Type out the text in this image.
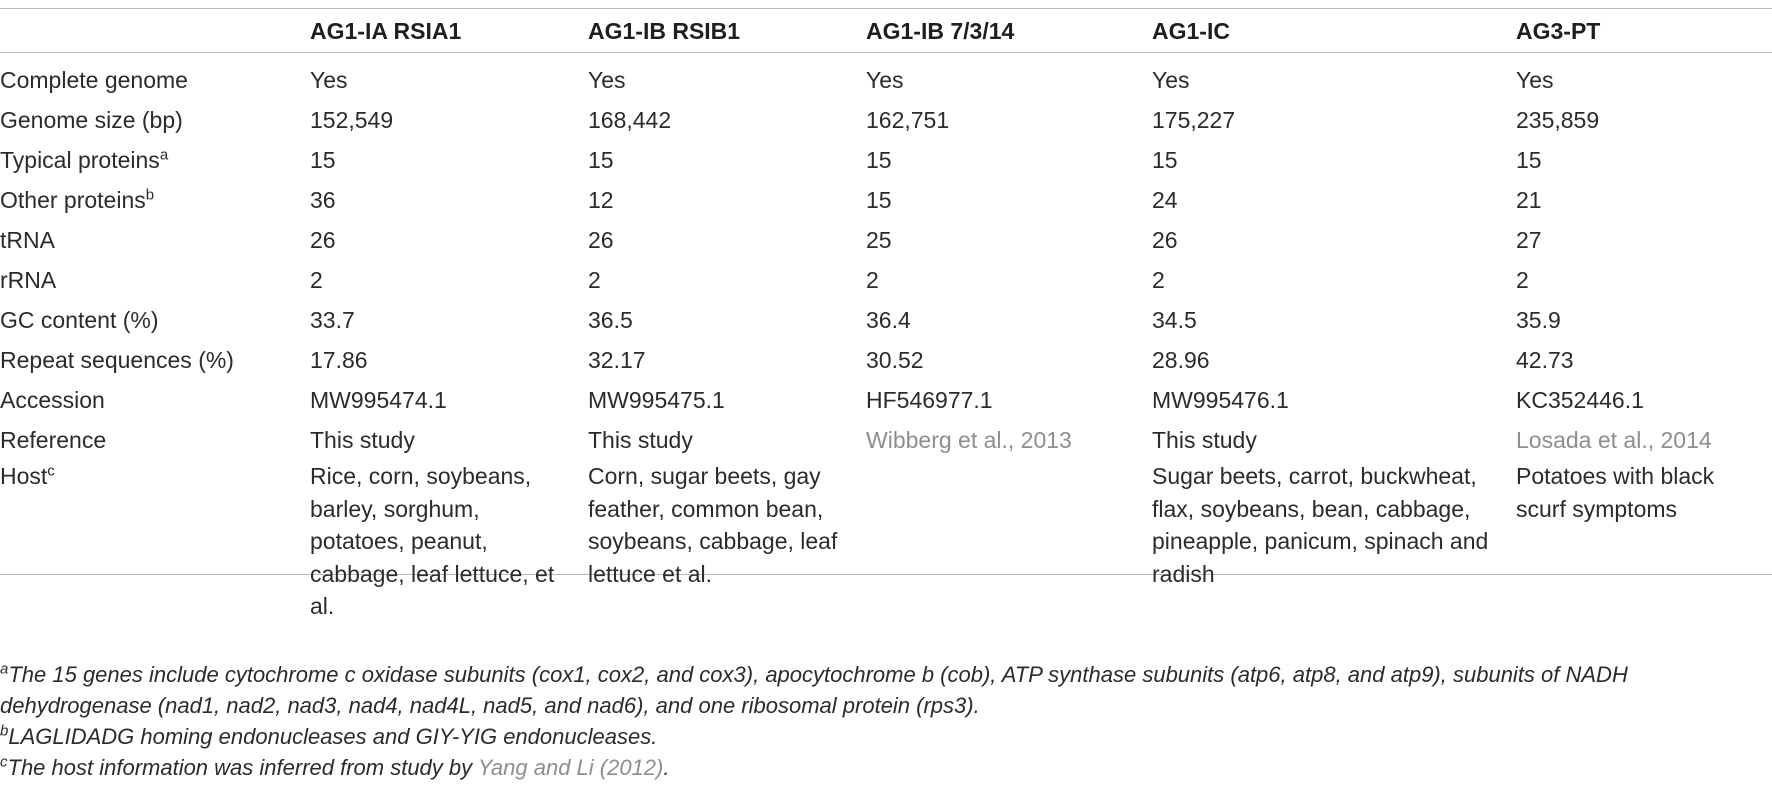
	AG1-IA RSIA1	AG1-IB RSIB1	AG1-IB 7/3/14	AG1-IC	AG3-PT
Complete genome	Yes	Yes	Yes	Yes	Yes
Genome size (bp)	152,549	168,442	162,751	175,227	235,859
Typical proteins$^a$	15	15	15	15	15
Other proteins$^b$	36	12	15	24	21
tRNA	26	26	25	26	27
rRNA	2	2	2	2	2
GC content (%)	33.7	36.5	36.4	34.5	35.9
Repeat sequences (%)	17.86	32.17	30.52	28.96	42.73
Accession	MW995474.1	MW995475.1	HF546977.1	MW995476.1	KC352446.1
Reference	This study	This study	Wibberg et al., 2013	This study	Losada et al., 2014
Host$^c$	Rice, corn, soybeans, barley, sorghum, potatoes, peanut, cabbage, leaf lettuce, et al.	Corn, sugar beets, gay feather, common bean, soybeans, cabbage, leaf lettuce et al.		Sugar beets, carrot, buckwheat, flax, soybeans, bean, cabbage, pineapple, panicum, spinach and radish	Potatoes with black scurf symptoms

$^a$The 15 genes include cytochrome c oxidase subunits (cox1, cox2, and cox3), apocytochrome b (cob), ATP synthase subunits (atp6, atp8, and atp9), subunits of NADH dehydrogenase (nad1, nad2, nad3, nad4, nad4L, nad5, and nad6), and one ribosomal protein (rps3).

$^b$LAGLIDADG homing endonucleases and GIY-YIG endonucleases.

$^c$The host information was inferred from study by Yang and Li (2012).
